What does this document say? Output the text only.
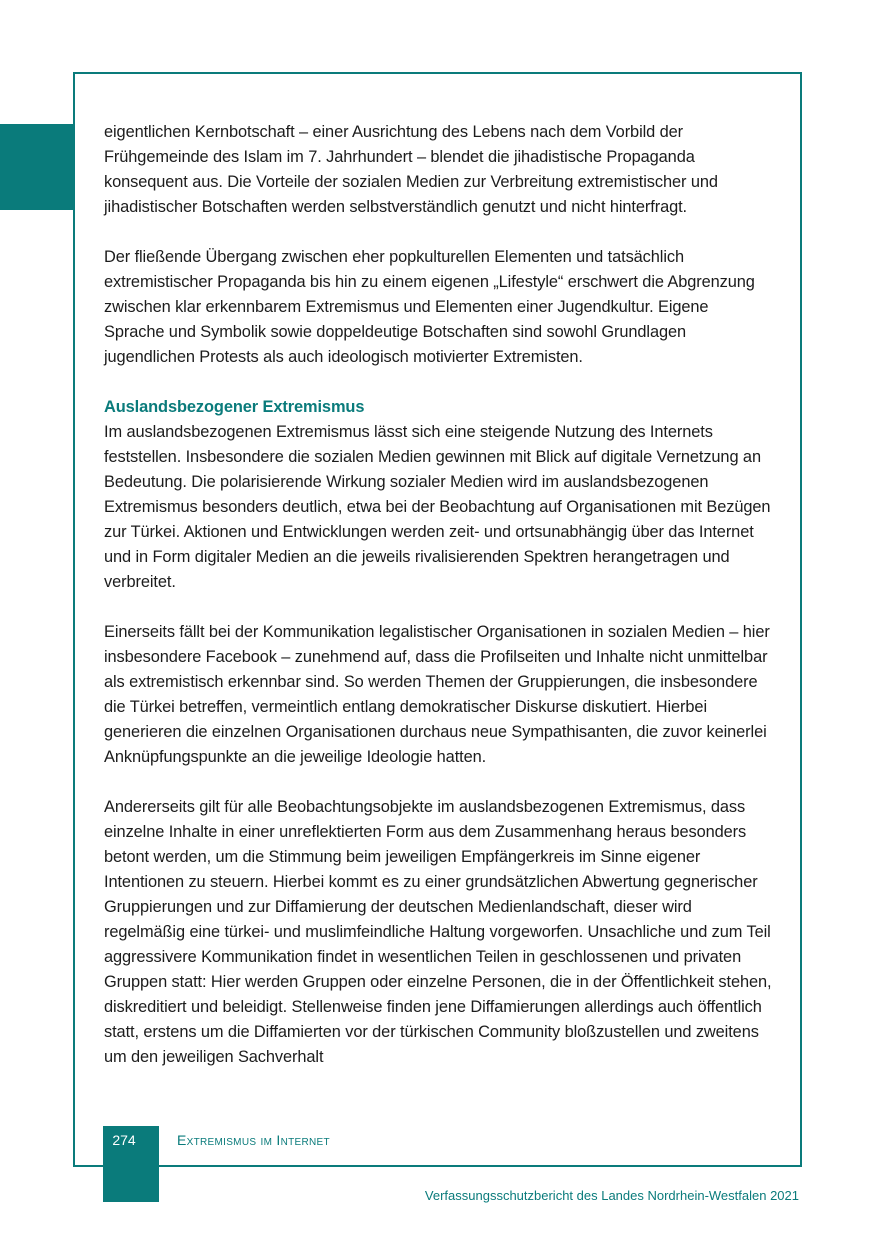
eigentlichen Kernbotschaft – einer Ausrichtung des Lebens nach dem Vorbild der Frühgemeinde des Islam im 7. Jahrhundert – blendet die jihadistische Propaganda konsequent aus. Die Vorteile der sozialen Medien zur Verbreitung extremistischer und jihadistischer Botschaften werden selbstverständlich genutzt und nicht hinterfragt.

Der fließende Übergang zwischen eher popkulturellen Elementen und tatsächlich extremistischer Propaganda bis hin zu einem eigenen „Lifestyle“ erschwert die Abgrenzung zwischen klar erkennbarem Extremismus und Elementen einer Jugendkultur. Eigene Sprache und Symbolik sowie doppeldeutige Botschaften sind sowohl Grundlagen jugendlichen Protests als auch ideologisch motivierter Extremisten.

Auslandsbezogener Extremismus

Im auslandsbezogenen Extremismus lässt sich eine steigende Nutzung des Internets feststellen. Insbesondere die sozialen Medien gewinnen mit Blick auf digitale Vernetzung an Bedeutung. Die polarisierende Wirkung sozialer Medien wird im auslandsbezogenen Extremismus besonders deutlich, etwa bei der Beobachtung auf Organisationen mit Bezügen zur Türkei. Aktionen und Entwicklungen werden zeit- und ortsunabhängig über das Internet und in Form digitaler Medien an die jeweils rivalisierenden Spektren herangetragen und verbreitet.

Einerseits fällt bei der Kommunikation legalistischer Organisationen in sozialen Medien – hier insbesondere Facebook – zunehmend auf, dass die Profilseiten und Inhalte nicht unmittelbar als extremistisch erkennbar sind. So werden Themen der Gruppierungen, die insbesondere die Türkei betreffen, vermeintlich entlang demokratischer Diskurse diskutiert. Hierbei generieren die einzelnen Organisationen durchaus neue Sympathisanten, die zuvor keinerlei Anknüpfungspunkte an die jeweilige Ideologie hatten.

Andererseits gilt für alle Beobachtungsobjekte im auslandsbezogenen Extremismus, dass einzelne Inhalte in einer unreflektierten Form aus dem Zusammenhang heraus besonders betont werden, um die Stimmung beim jeweiligen Empfängerkreis im Sinne eigener Intentionen zu steuern. Hierbei kommt es zu einer grundsätzlichen Abwertung gegnerischer Gruppierungen und zur Diffamierung der deutschen Medienlandschaft, dieser wird regelmäßig eine türkei- und muslimfeindliche Haltung vorgeworfen. Unsachliche und zum Teil aggressivere Kommunikation findet in wesentlichen Teilen in geschlossenen und privaten Gruppen statt: Hier werden Gruppen oder einzelne Personen, die in der Öffentlichkeit stehen, diskreditiert und beleidigt. Stellenweise finden jene Diffamierungen allerdings auch öffentlich statt, erstens um die Diffamierten vor der türkischen Community bloßzustellen und zweitens um den jeweiligen Sachverhalt

274	Extremismus im Internet
Verfassungsschutzbericht des Landes Nordrhein-Westfalen 2021
